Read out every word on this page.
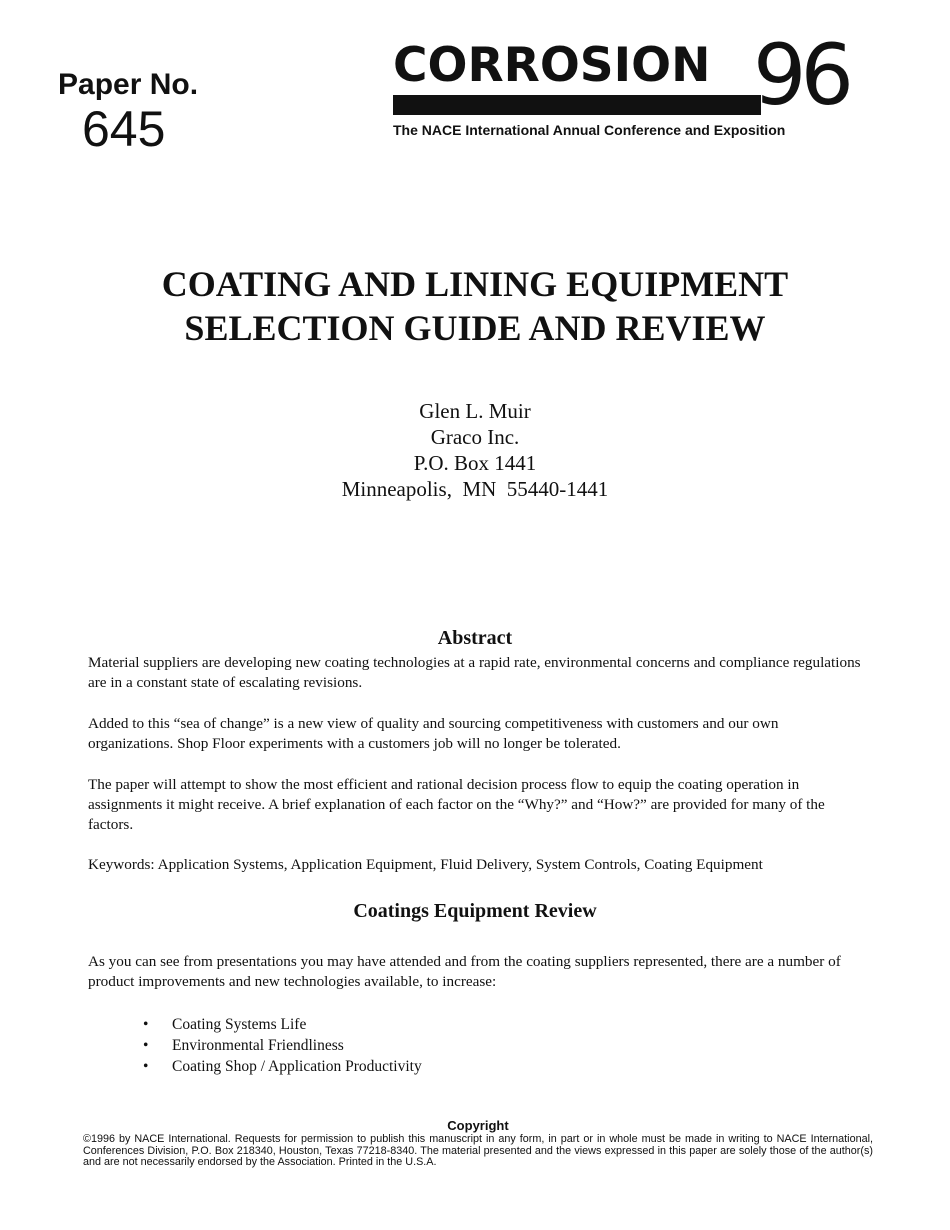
Paper No.
645
CORROSION 96
The NACE International Annual Conference and Exposition
COATING AND LINING EQUIPMENT
SELECTION GUIDE AND REVIEW
Glen L. Muir
Graco Inc.
P.O. Box 1441
Minneapolis,  MN  55440-1441
Abstract
Material suppliers are developing new coating technologies at a rapid rate, environmental concerns and compliance regulations are in a constant state of escalating revisions.
Added to this “sea of change” is a new view of quality and sourcing competitiveness with customers and our own organizations. Shop Floor experiments with a customers job will no longer be tolerated.
The paper will attempt to show the most efficient and rational decision process flow to equip the coating operation in assignments it might receive. A brief explanation of each factor on the “Why?” and “How?” are provided for many of the factors.
Keywords: Application Systems, Application Equipment, Fluid Delivery, System Controls, Coating Equipment
Coatings Equipment Review
As you can see from presentations you may have attended and from the coating suppliers represented, there are a number of product improvements and new technologies available, to increase:
• Coating Systems Life
• Environmental Friendliness
• Coating Shop / Application Productivity
Copyright
©1996 by NACE International. Requests for permission to publish this manuscript in any form, in part or in whole must be made in writing to NACE International, Conferences Division, P.O. Box 218340, Houston, Texas 77218-8340. The material presented and the views expressed in this paper are solely those of the author(s) and are not necessarily endorsed by the Association. Printed in the U.S.A.
